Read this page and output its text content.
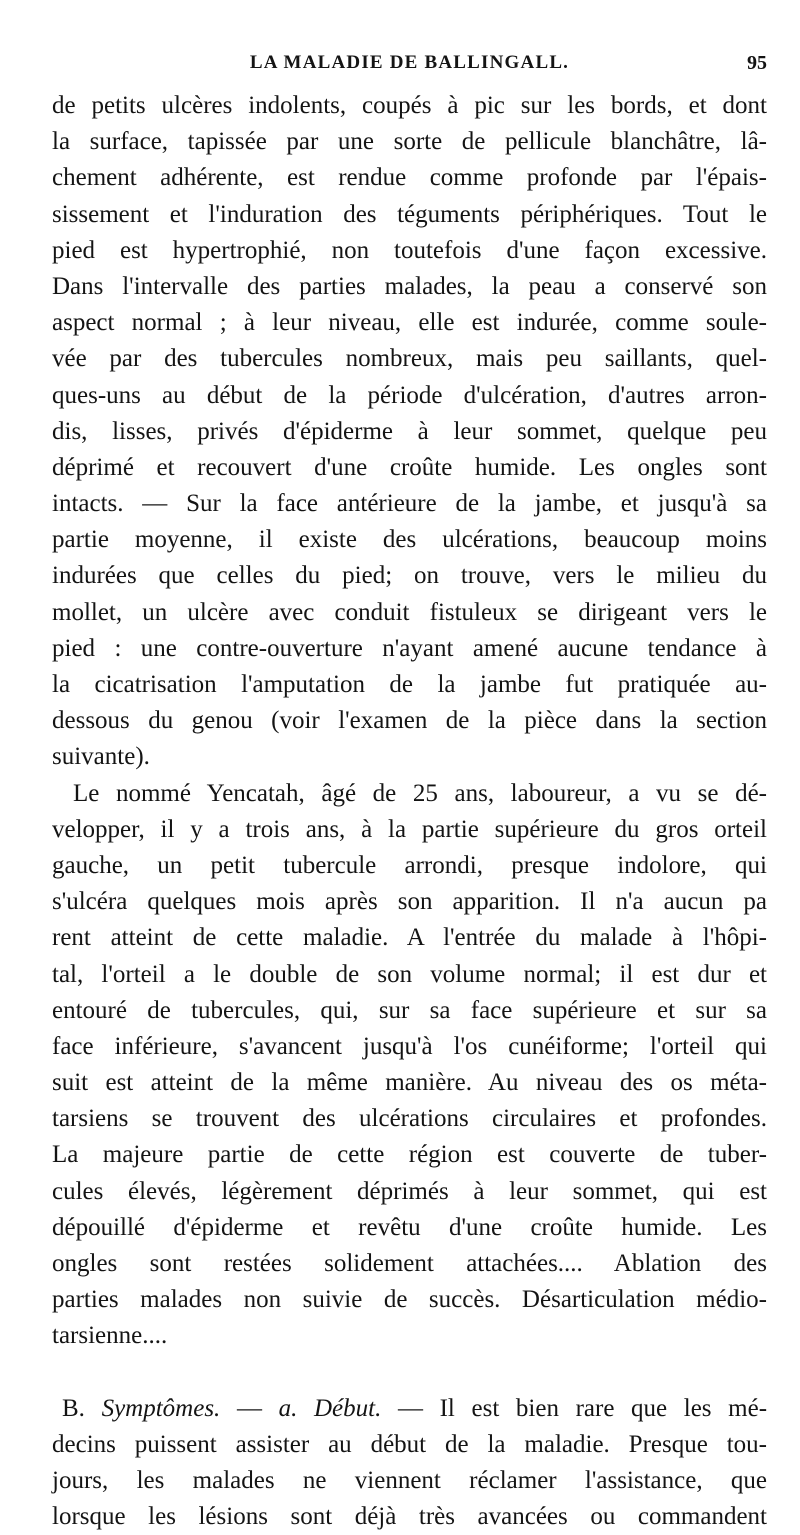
LA MALADIE DE BALLINGALL.	95
de petits ulcères indolents, coupés à pic sur les bords, et dont
la surface, tapissée par une sorte de pellicule blanchâtre, lâ-
chement adhérente, est rendue comme profonde par l'épais-
sissement et l'induration des téguments périphériques. Tout le
pied est hypertrophié, non toutefois d'une façon excessive.
Dans l'intervalle des parties malades, la peau a conservé son
aspect normal ; à leur niveau, elle est indurée, comme soule-
vée par des tubercules nombreux, mais peu saillants, quel-
ques-uns au début de la période d'ulcération, d'autres arron-
dis, lisses, privés d'épiderme à leur sommet, quelque peu
déprimé et recouvert d'une croûte humide. Les ongles sont
intacts. — Sur la face antérieure de la jambe, et jusqu'à sa
partie moyenne, il existe des ulcérations, beaucoup moins
indurées que celles du pied; on trouve, vers le milieu du
mollet, un ulcère avec conduit fistuleux se dirigeant vers le
pied : une contre-ouverture n'ayant amené aucune tendance à
la cicatrisation l'amputation de la jambe fut pratiquée au-
dessous du genou (voir l'examen de la pièce dans la section
suivante).
Le nommé Yencatah, âgé de 25 ans, laboureur, a vu se dé-
velopper, il y a trois ans, à la partie supérieure du gros orteil
gauche, un petit tubercule arrondi, presque indolore, qui
s'ulcéra quelques mois après son apparition. Il n'a aucun pa
rent atteint de cette maladie. A l'entrée du malade à l'hôpi-
tal, l'orteil a le double de son volume normal; il est dur et
entouré de tubercules, qui, sur sa face supérieure et sur sa
face inférieure, s'avancent jusqu'à l'os cunéiforme; l'orteil qui
suit est atteint de la même manière. Au niveau des os méta-
tarsiens se trouvent des ulcérations circulaires et profondes.
La majeure partie de cette région est couverte de tuber-
cules élevés, légèrement déprimés à leur sommet, qui est
dépouillé d'épiderme et revêtu d'une croûte humide. Les
ongles sont restées solidement attachées.... Ablation des
parties malades non suivie de succès. Désarticulation médio-
tarsienne....
B. Symptômes. — a. Début. — Il est bien rare que les mé-
decins puissent assister au début de la maladie. Presque tou-
jours, les malades ne viennent réclamer l'assistance, que
lorsque les lésions sont déjà très avancées ou commandent
